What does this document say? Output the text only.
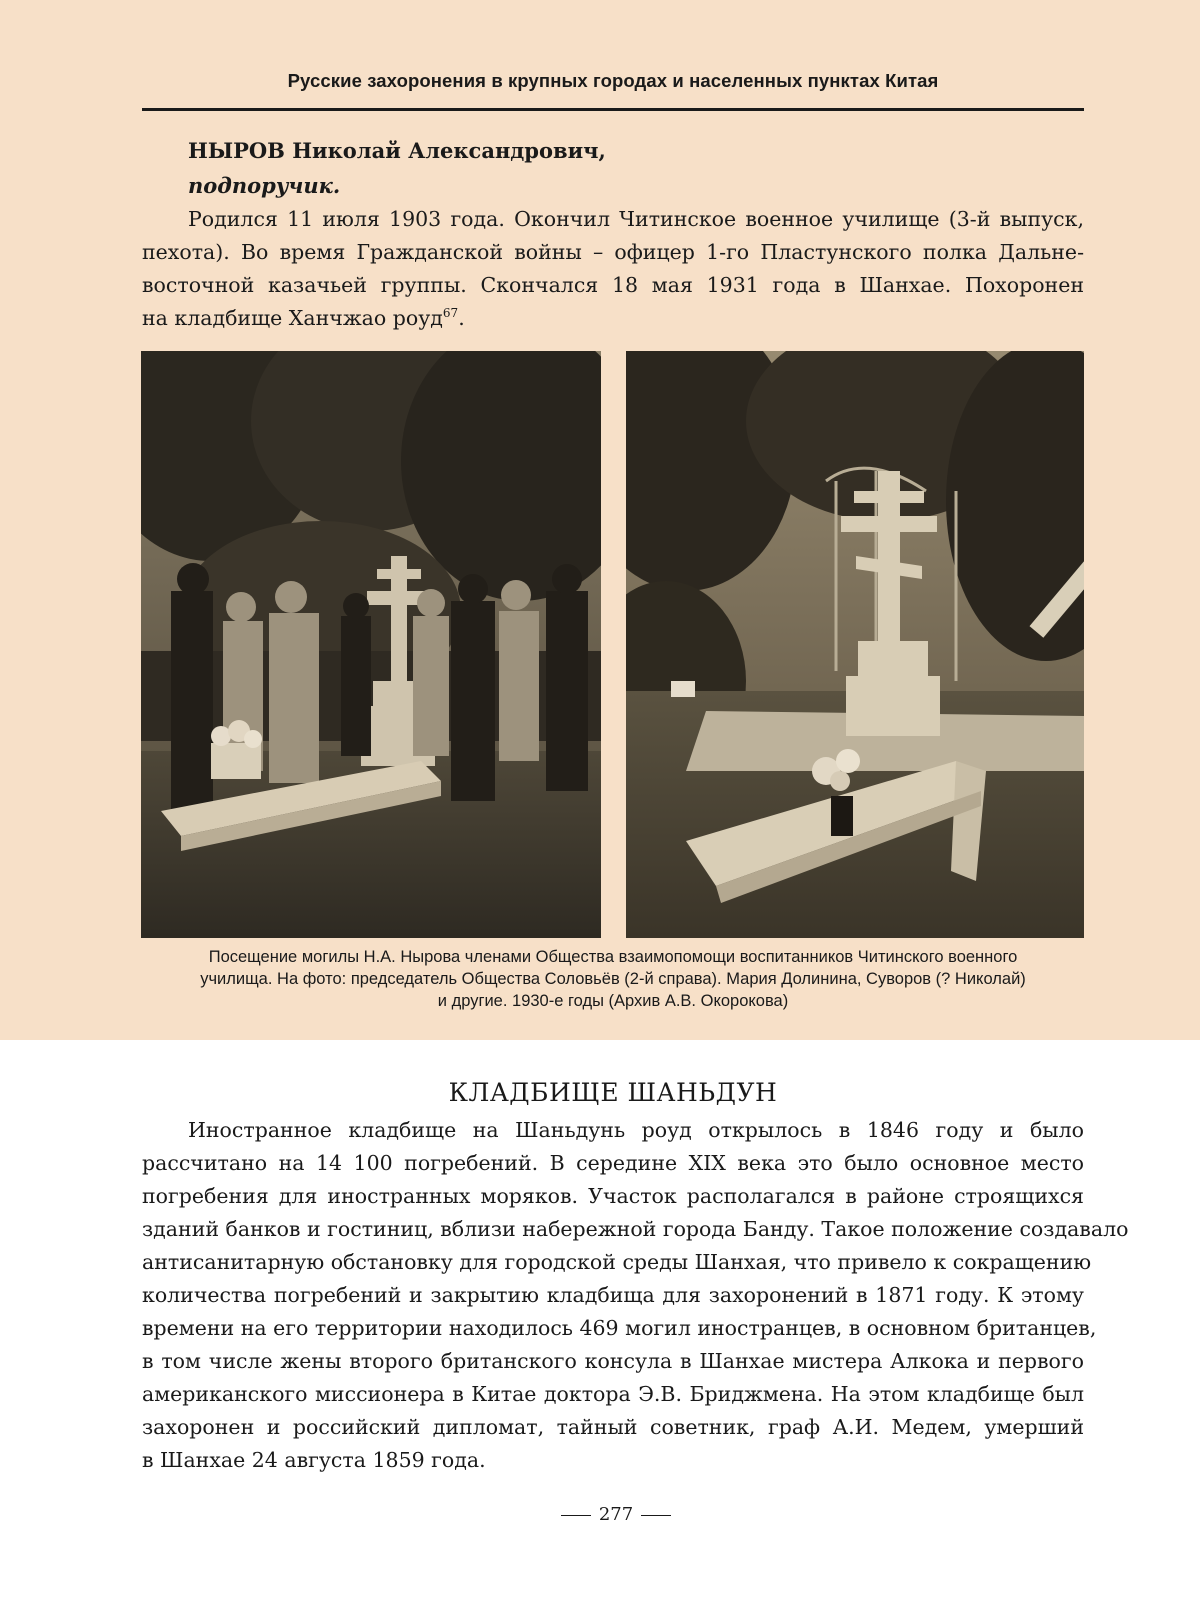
Русские захоронения в крупных городах и населенных пунктах Китая
НЫРОВ Николай Александрович,
подпоручик.
Родился 11 июля 1903 года. Окончил Читинское военное училище (3-й выпуск,
пехота). Во время Гражданской войны – офицер 1-го Пластунского полка Дальне-
восточной казачьей группы. Скончался 18 мая 1931 года в Шанхае. Похоронен
на кладбище Ханчжао роуд$^{67}$.
Посещение могилы Н.А. Нырова членами Общества взаимопомощи воспитанников Читинского военного
училища. На фото: председатель Общества Соловьёв (2-й справа). Мария Долинина, Суворов (? Николай)
и другие. 1930-е годы (Архив А.В. Окорокова)
КЛАДБИЩЕ ШАНЬДУН
Иностранное кладбище на Шаньдунь роуд открылось в 1846 году и было
рассчитано на 14 100 погребений. В середине XIX века это было основное место
погребения для иностранных моряков. Участок располагался в районе строящихся
зданий банков и гостиниц, вблизи набережной города Банду. Такое положение создавало
антисанитарную обстановку для городской среды Шанхая, что привело к сокращению
количества погребений и закрытию кладбища для захоронений в 1871 году. К этому
времени на его территории находилось 469 могил иностранцев, в основном британцев,
в том числе жены второго британского консула в Шанхае мистера Алкока и первого
американского миссионера в Китае доктора Э.В. Бриджмена. На этом кладбище был
захоронен и российский дипломат, тайный советник, граф А.И. Медем, умерший
в Шанхае 24 августа 1859 года.
277
